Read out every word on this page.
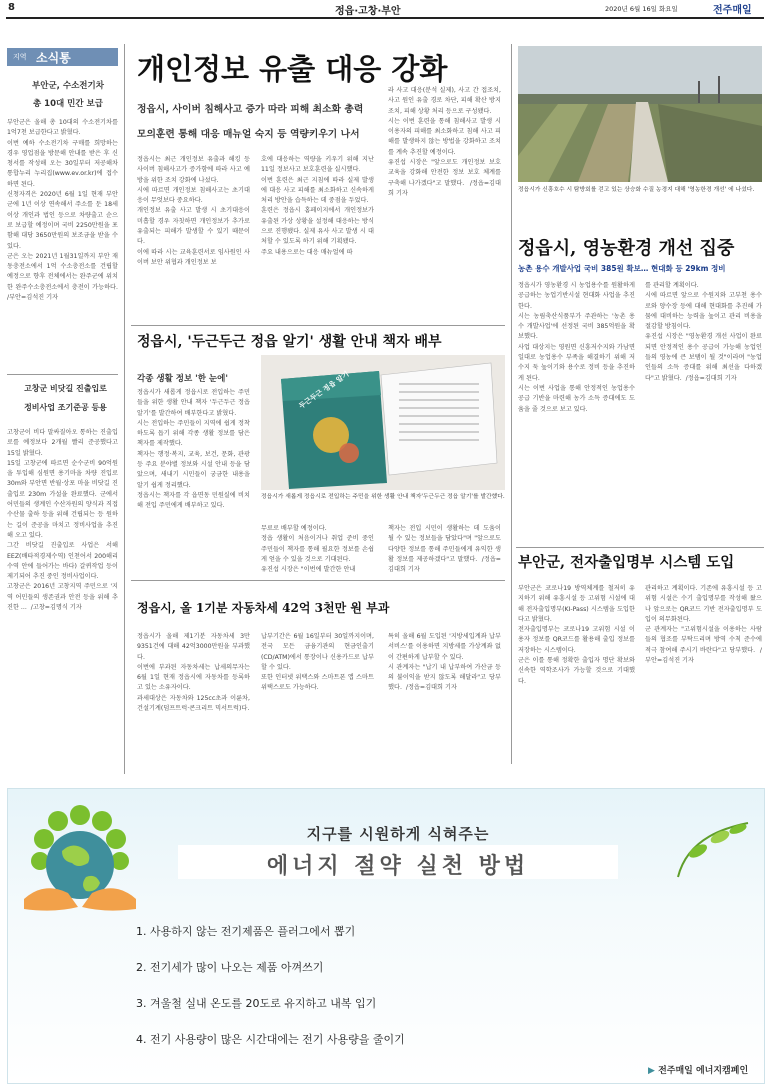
8	정읍·고창·부안	2020년 6월 16일 화요일	전주매일
지역 소식통
부안군, 수소전기차
총 10대 민간 보급
부안군은 올해 총 10대의 수소전기차를 1억7천 보급한다고 밝혔다.
이번 예하 수소전기차 구매를 희망하는 경우 영업점을 방문해 안내를 받은 후 신청서를 작성해 오는 30일부터 저공해차 통합누리 누리집(www.ev.or.kr)에 접수하면 된다.
신청자격은 2020년 6월 1일 현재 부안군에 1년 이상 연속해서 주소를 둔 18세 이상 개인과 법인 등으로 차량출고 순으로 보급할 예정이며 국비 2250만원을 포함해 대당 3650만원의 보조금을 받을 수 있다.
군은 오는 2021년 1월31일까지 부안 재동충전소에서 1억 수소충전소를 건립할 예정으로 향후 전체에서는 완주군에 위치한 완주수소충전소에서 충전이 가능하다.  /부안=김석진 기자
고창군 비닷길 진출입로
정비사업 조기준공 등용
고창군이 비다 말싸질아오 통하는 진출입로를 예정보다 2개월 빨리 준공했다고 15일 밝혔다.
15일 고창군에 따르면 순수군비 90억원을 투입해 심원면 용기마을 차량 진입로 30m와 부안면 반월·상포 마을 비닷길 진출입로 230m 가설을 완료했다. 군에서 어민들의 생계인 수산자원의 양식과 직접 수산물 출하 등을 위해 건립되는 등 원하는 길이 준공을 마치고 정비사업을 추진해 오고 있다.
그간 비닷길 진출입로 사업은 서해 EEZ(배타적경제수역) 인천어서 200해리 수역 안에 들어가는 바다) 갈퀴작업 등이 제기되어 추진 중인 정비사업이다.
고창군은 2016년 고창지역 주민으로 '지역 어민들의 생존권과 안전 등을 위해 추진한 ...  /고창=김명식 기자
개인정보 유출 대응 강화
정읍시, 사이버 침해사고 증가 따라 피해 최소화 총력
모의훈련 통해 대응 매뉴얼 숙지 등 역량키우기 나서
정읍시는 최근 개인정보 유출과 해킹 등 사이버 침해사고가 증가함에 따라 사고 예방을 위한 조치 강화에 나섰다.
시에 따르면 개인정보 침해사고는 초기대응이 무엇보다 중요하다.
개인정보 유출 사고 발생 시 초기대응이 미흡할 경우 자칫하면 개인정보가 추가로 유출되는 피해가 발생할 수 있기 때문이다.
이에 따라 시는 교육훈련서로 임사원인 사이버 보안 위협과 개인정보 보
호에 대응하는 역량을 키우기 위해 지난 11일 정보사고 보호훈련을 실시했다.
이번 훈련은 최근 지침에 따라 실제 발생에 대응 사고 피해를 최소화하고 신속하게 처리 방안을 습득하는 데 중점을 두었다.
훈련은 정읍시 홈페이지에서 개인정보가 유출된 가상 상황을 설정해 대응하는 방식으로 진행됐다. 실제 유사 사고 발생 시 대처할 수 있도록 하기 위해 기획됐다.
주요 내용으로는 대응 매뉴얼에 따
라 사고 대응(분석 실제), 사고 간 접조치, 사고 원인 유출 경로 차단, 피해 확산 방지 조치, 피해 상황 처리 등으로 구성됐다.
시는 이번 훈련을 통해 침해사고 발생 시 이용자의 피해를 최소화하고 침해 사고 피해를 발생하지 않는 방법을 강화하고 조치를 계속 추진할 예정이다.
유진섭 시장은 "앞으로도 개인정보 보호 교육을 강화해 안전한 정보 보호 체계를 구축해 나가겠다"고 말했다.  /정읍=김대희 기자	정읍시가 신흥호수 시 탐방회를 걷고 있는 상승화 수질 농경지 대해 '영농한경 개선' 에 나섰다.
정읍시, '두근두근 정읍 알기' 생활 안내 책자 배부
각종 생활 정보 '한 눈에'
정읍시가 새롭게 정읍시로 전입하는 주민들을 위한 생활 안내 책자 '두근두근 정읍 알기'를 발간하여 배부한다고 밝혔다.
시는 전입하는 주민들이 지역에 쉽게 정착하도록 돕기 위해 각종 생활 정보를 담은 책자를 제작했다.
책자는 행정·복지, 교육, 보건, 문화, 관광 등 주요 분야별 정보와 시설 안내 등을 담았으며, 새내기 시민들이 궁금한 내용을 알기 쉽게 정리했다.
정읍시는 책자를 각 읍면동 민원실에 비치해 전입 주민에게 배부하고 있다.
두근두근 정읍 알기
정읍시가 새롭게 정읍시로 전입하는 주민을 위한 생활 안내 책자'두근두근 정읍 알기'를 발간했다.
무료로 배부할 예정이다.
정읍 생활이 처음이거나 취업 준비 중인 주민들이 책자를 통해 필요한 정보를 손쉽게 얻을 수 있을 것으로 기대된다.
유진섭 시장은 "이번에 발간한 안내
책자는 전입 시민이 생활하는 데 도움이 될 수 있는 정보들을 담았다"며 "앞으로도 다양한 정보를 통해 주민들에게 유익한 생활 정보를 제공하겠다"고 말했다.  /정읍=김대희 기자
정읍시, 올 1기분 자동차세 42억 3천만 원 부과
정읍시가 올해 제1기분 자동차세 3만9351건에 대해 42억3000만원을 부과했다.
이번에 부과된 자동차세는 납세의무자는 6월 1일 현재 정읍시에 자동차를 등록하고 있는 소유자이다.
과세대상은 자동차와 125cc초과 이륜차, 건설기계(덤프트럭·콘크리트 믹서트럭)다.
납부기간은 6월 16일부터 30일까지이며, 전국 모든 금융기관의 현금인출기(CD/ATM)에서 통장이나 신용카드로 납부할 수 있다.
또한 인터넷 위택스와 스마트폰 앱 스마트위택스로도 가능하다.
특히 올해 6월 도입된 '지방세입계좌 납부서비스'를 이용하면 지방세를 가상계좌 없이 간편하게 납부할 수 있다.
시 관계자는 "납기 내 납부하여 가산금 등의 불이익을 받지 않도록 해달라"고 당부했다.  /정읍=김대희 기자
정읍시, 영농환경 개선 집중
농촌 용수 개발사업 국비 385원 확보… 현대화 등 29km 정비
정읍시가 영농환경 시 농업용수를 원활하게 공급하는 농업기반시설 현대화 사업을 추진한다.
시는 농림축산식품부가 주관하는 '농촌 용수 개발사업'에 선정된 국비 385억원을 확보했다.
사업 대상지는 영원면 신흥저수지와 가남면 일대로 농업용수 부족을 해결하기 위해 저수지 둑 높이기와 용수로 정비 등을 추진하게 된다.
시는 이번 사업을 통해 안정적인 농업용수 공급 기반을 마련해 농가 소득 증대에도 도움을 줄 것으로 보고 있다.
를 관리할 계획이다.
시에 따르면 앞으로 수원지와 고부천 용수로와 양수장 등에 대해 현대화를 추진해 가뭄에 대비하는 능력을 높이고 관리 비용을 절감할 방침이다.
유진섭 시장은 "영농환경 개선 사업이 완료되면 안정적인 용수 공급이 가능해 농업인들의 영농에 큰 보탬이 될 것"이라며 "농업인들의 소득 증대를 위해 최선을 다하겠다"고 밝혔다.  /정읍=김대희 기자
부안군, 전자출입명부 시스템 도입
부안군은 코로나19 방역체계를 철저히 유지하기 위해 유흥시설 등 고위험 시설에 대해 전자출입명부(KI-Pass) 시스템을 도입한다고 밝혔다.
전자출입명부는 코로나19 고위험 시설 이용자 정보를 QR코드를 활용해 출입 정보를 저장하는 시스템이다.
군은 이를 통해 정확한 출입자 명단 확보와 신속한 역학조사가 가능할 것으로 기대했다.
관리하고 계획이다. 기존에 유흥시설 등 고위험 시설은 수기 출입명부를 작성해 왔으나 앞으로는 QR코드 기반 전자출입명부 도입이 의무화된다.
군 관계자는 "고위험시설을 이용하는 사람들의 협조를 부탁드리며 방역 수칙 준수에 적극 참여해 주시기 바란다"고 당부했다.  /부안=김석진 기자
지구를 시원하게 식혀주는
에너지 절약 실천 방법
1. 사용하지 않는 전기제품은 플러그에서 뽑기
2. 전기세가 많이 나오는 제품 아껴쓰기
3. 겨울철 실내 온도를 20도로 유지하고 내복 입기
4. 전기 사용량이 많은 시간대에는 전기 사용량을 줄이기
▶ 전주매일 에너지캠페인
